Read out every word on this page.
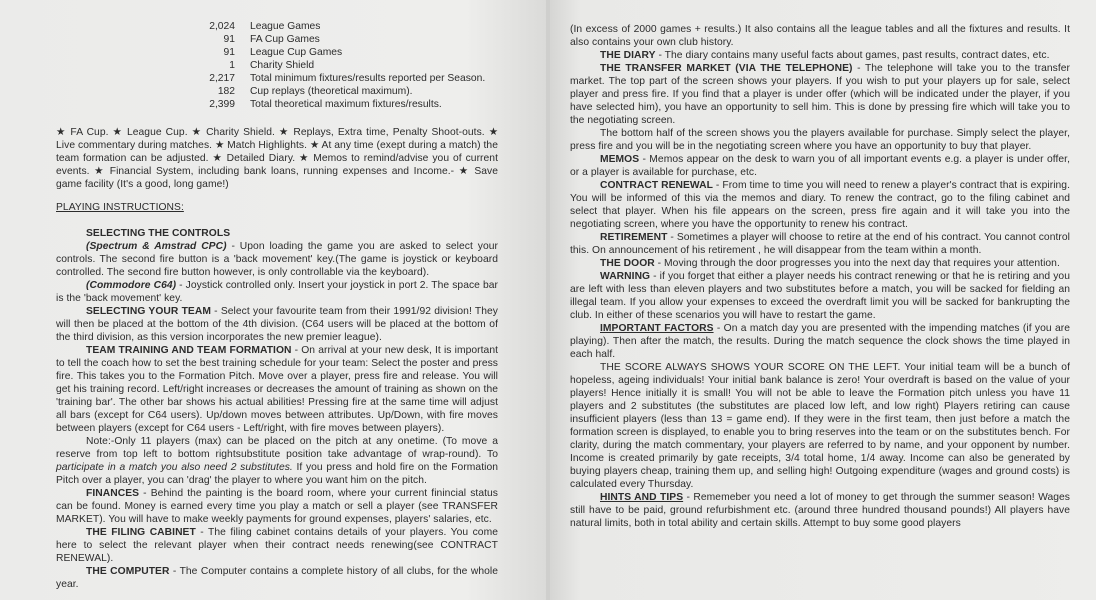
2,024	League Games
91	FA Cup Games
91	League Cup Games
1	Charity Shield
2,217	Total minimum fixtures/results reported per Season.
182	Cup replays (theoretical maximum).
2,399	Total theoretical maximum fixtures/results.
★ FA Cup. ★ League Cup. ★ Charity Shield. ★ Replays, Extra time, Penalty Shoot-outs. ★ Live commentary during matches. ★ Match Highlights. ★ At any time (exept during a match) the team formation can be adjusted. ★ Detailed Diary. ★ Memos to remind/advise you of current events. ★ Financial System, including bank loans, running expenses and Income.- ★ Save game facility (It's a good, long game!)

PLAYING INSTRUCTIONS:

SELECTING THE CONTROLS

(Spectrum & Amstrad CPC) - Upon loading the game you are asked to select your controls. The second fire button is a 'back movement' key.(The game is joystick or keyboard controlled. The second fire button however, is only controllable via the keyboard).

(Commodore C64) - Joystick controlled only. Insert your joystick in port 2. The space bar is the 'back movement' key.

SELECTING YOUR TEAM - Select your favourite team from their 1991/92 division! They will then be placed at the bottom of the 4th division. (C64 users will be placed at the bottom of the third division, as this version incorporates the new premier league).

TEAM TRAINING AND TEAM FORMATION - On arrival at your new desk, It is important to tell the coach how to set the best training schedule for your team: Select the poster and press fire. This takes you to the Formation Pitch. Move over a player, press fire and release. You will get his training record. Left/right increases or decreases the amount of training as shown on the 'training bar'. The other bar shows his actual abilities! Pressing fire at the same time will adjust all bars (except for C64 users). Up/down moves between attributes. Up/Down, with fire moves between players (except for C64 users - Left/right, with fire moves between players).

Note:-Only 11 players (max) can be placed on the pitch at any onetime. (To move a reserve from top left to bottom rightsubstitute position take advantage of wrap-round). To participate in a match you also need 2 substitutes. If you press and hold fire on the Formation Pitch over a player, you can 'drag' the player to where you want him on the pitch.

FINANCES - Behind the painting is the board room, where your current finincial status can be found. Money is earned every time you play a match or sell a player (see TRANSFER MARKET). You will have to make weekly payments for ground expenses, players' salaries, etc.

THE FILING CABINET - The filing cabinet contains details of your players. You come here to select the relevant player when their contract needs renewing(see CONTRACT RENEWAL).

THE COMPUTER - The Computer contains a complete history of all clubs, for the whole year.

(In excess of 2000 games + results.) It also contains all the league tables and all the fixtures and results. It also contains your own club history.

THE DIARY - The diary contains many useful facts about games, past results, contract dates, etc.

THE TRANSFER MARKET (VIA THE TELEPHONE) - The telephone will take you to the transfer market. The top part of the screen shows your players. If you wish to put your players up for sale, select player and press fire. If you find that a player is under offer (which will be indicated under the player, if you have selected him), you have an opportunity to sell him. This is done by pressing fire which will take you to the negotiating screen.

The bottom half of the screen shows you the players available for purchase. Simply select the player, press fire and you will be in the negotiating screen where you have an opportunity to buy that player.

MEMOS - Memos appear on the desk to warn you of all important events e.g. a player is under offer, or a player is available for purchase, etc.

CONTRACT RENEWAL - From time to time you will need to renew a player's contract that is expiring. You will be informed of this via the memos and diary. To renew the contract, go to the filing cabinet and select that player. When his file appears on the screen, press fire again and it will take you into the negotiating screen, where you have the opportunity to renew his contract.

RETIREMENT - Sometimes a player will choose to retire at the end of his contract. You cannot control this. On announcement of his retirement , he will disappear from the team within a month.

THE DOOR - Moving through the door progresses you into the next day that requires your attention.

WARNING - if you forget that either a player needs his contract renewing or that he is retiring and you are left with less than eleven players and two substitutes before a match, you will be sacked for fielding an illegal team. If you allow your expenses to exceed the overdraft limit you will be sacked for bankrupting the club. In either of these scenarios you will have to restart the game.

IMPORTANT FACTORS - On a match day you are presented with the impending matches (if you are playing). Then after the match, the results. During the match sequence the clock shows the time played in each half.

THE SCORE ALWAYS SHOWS YOUR SCORE ON THE LEFT. Your initial team will be a bunch of hopeless, ageing individuals! Your initial bank balance is zero! Your overdraft is based on the value of your players! Hence initially it is small! You will not be able to leave the Formation pitch unless you have 11 players and 2 substitutes (the substitutes are placed low left, and low right) Players retiring can cause insufficient players (less than 13 = game end). If they were in the first team, then just before a match the formation screen is displayed, to enable you to bring reserves into the team or on the substitutes bench. For clarity, during the match commentary, your players are referred to by name, and your opponent by number. Income is created primarily by gate receipts, 3/4 total home, 1/4 away. Income can also be generated by buying players cheap, training them up, and selling high! Outgoing expenditure (wages and ground costs) is calculated every Thursday.

HINTS AND TIPS - Rememeber you need a lot of money to get through the summer season! Wages still have to be paid, ground refurbishment etc. (around three hundred thousand pounds!) All players have natural limits, both in total ability and certain skills. Attempt to buy some good players
